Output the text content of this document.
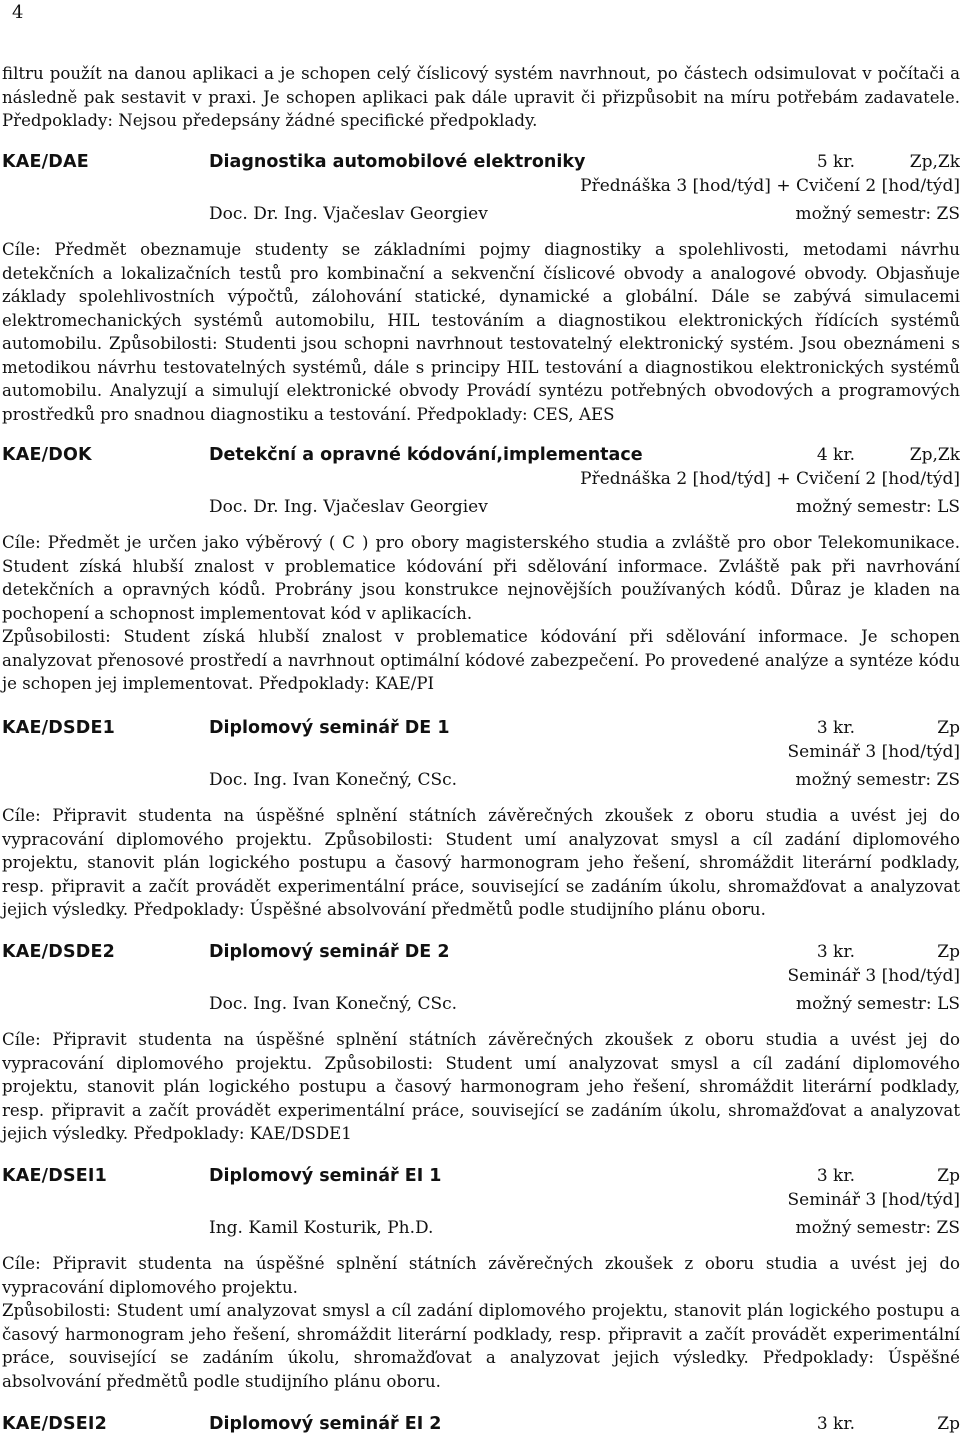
4

filtru použít na danou aplikaci a je schopen celý číslicový systém navrhnout, po částech odsimulovat v počítači a následně pak sestavit v praxi. Je schopen aplikaci pak dále upravit či přizpůsobit na míru potřebám zadavatele. Předpoklady: Nejsou předepsány žádné specifické předpoklady.

KAE/DAE	Diagnostika automobilové elektroniky	5 kr.	Zp,Zk
Přednáška 3 [hod/týd] + Cvičení 2 [hod/týd]
Doc. Dr. Ing. Vjačeslav Georgiev	možný semestr: ZS

Cíle: Předmět obeznamuje studenty se základními pojmy diagnostiky a spolehlivosti, metodami návrhu detekčních a lokalizačních testů pro kombinační a sekvenční číslicové obvody a analogové obvody. Objasňuje základy spolehlivostních výpočtů, zálohování statické, dynamické a globální. Dále se zabývá simulacemi elektromechanických systémů automobilu, HIL testováním a diagnostikou elektronických řídících systémů automobilu. Způsobilosti: Studenti jsou schopni navrhnout testovatelný elektronický systém. Jsou obeznámeni s metodikou návrhu testovatelných systémů, dále s principy HIL testování a diagnostikou elektronických systémů automobilu. Analyzují a simulují elektronické obvody Provádí syntézu potřebných obvodových a programových prostředků pro snadnou diagnostiku a testování. Předpoklady: CES, AES

KAE/DOK	Detekční a opravné kódování,implementace	4 kr.	Zp,Zk
Přednáška 2 [hod/týd] + Cvičení 2 [hod/týd]
Doc. Dr. Ing. Vjačeslav Georgiev	možný semestr: LS

Cíle: Předmět je určen jako výběrový ( C ) pro obory magisterského studia a zvláště pro obor Telekomunikace. Student získá hlubší znalost v problematice kódování při sdělování informace. Zvláště pak při navrhování detekčních a opravných kódů. Probrány jsou konstrukce nejnovějších používaných kódů. Důraz je kladen na pochopení a schopnost implementovat kód v aplikacích.

Způsobilosti: Student získá hlubší znalost v problematice kódování při sdělování informace. Je schopen analyzovat přenosové prostředí a navrhnout optimální kódové zabezpečení. Po provedené analýze a syntéze kódu je schopen jej implementovat. Předpoklady: KAE/PI

KAE/DSDE1	Diplomový seminář DE 1	3 kr.	Zp
Seminář 3 [hod/týd]
Doc. Ing. Ivan Konečný, CSc.	možný semestr: ZS

Cíle: Připravit studenta na úspěšné splnění státních závěrečných zkoušek z oboru studia a uvést jej do vypracování diplomového projektu. Způsobilosti: Student umí analyzovat smysl a cíl zadání diplomového projektu, stanovit plán logického postupu a časový harmonogram jeho řešení, shromáždit literární podklady, resp. připravit a začít provádět experimentální práce, související se zadáním úkolu, shromažďovat a analyzovat jejich výsledky. Předpoklady: Úspěšné absolvování předmětů podle studijního plánu oboru.

KAE/DSDE2	Diplomový seminář DE 2	3 kr.	Zp
Seminář 3 [hod/týd]
Doc. Ing. Ivan Konečný, CSc.	možný semestr: LS

Cíle: Připravit studenta na úspěšné splnění státních závěrečných zkoušek z oboru studia a uvést jej do vypracování diplomového projektu. Způsobilosti: Student umí analyzovat smysl a cíl zadání diplomového projektu, stanovit plán logického postupu a časový harmonogram jeho řešení, shromáždit literární podklady, resp. připravit a začít provádět experimentální práce, související se zadáním úkolu, shromažďovat a analyzovat jejich výsledky. Předpoklady: KAE/DSDE1

KAE/DSEI1	Diplomový seminář EI 1	3 kr.	Zp
Seminář 3 [hod/týd]
Ing. Kamil Kosturik, Ph.D.	možný semestr: ZS

Cíle: Připravit studenta na úspěšné splnění státních závěrečných zkoušek z oboru studia a uvést jej do vypracování diplomového projektu.

Způsobilosti: Student umí analyzovat smysl a cíl zadání diplomového projektu, stanovit plán logického postupu a časový harmonogram jeho řešení, shromáždit literární podklady, resp. připravit a začít provádět experimentální práce, související se zadáním úkolu, shromažďovat a analyzovat jejich výsledky. Předpoklady: Úspěšné absolvování předmětů podle studijního plánu oboru.

KAE/DSEI2	Diplomový seminář EI 2	3 kr.	Zp
